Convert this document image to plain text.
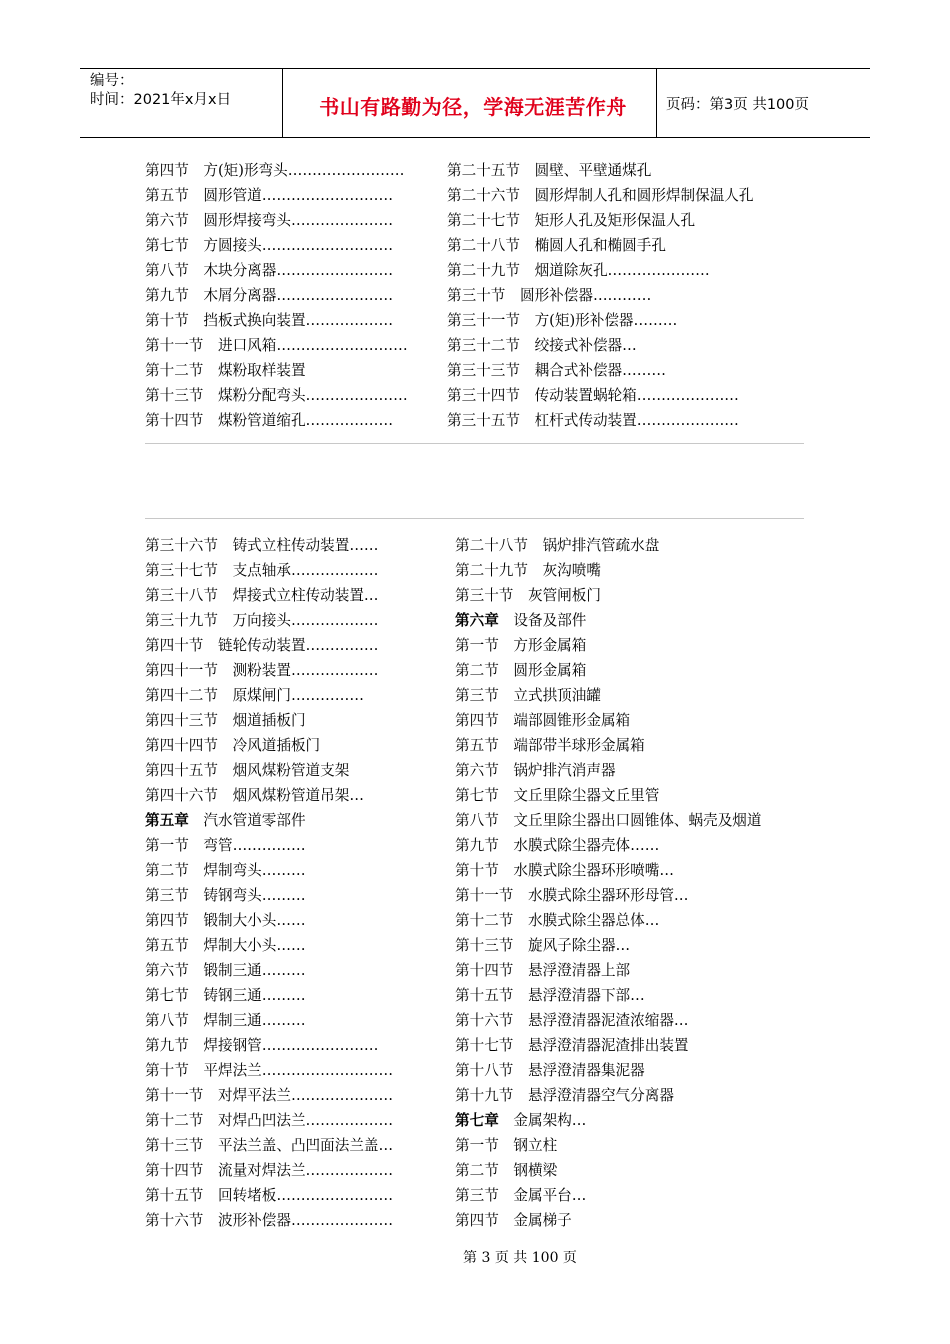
编号：
时间：2021年x月x日	书山有路勤为径，学海无涯苦作舟	页码：第3页 共100页
第四节　方(矩)形弯头……………………
第五节　圆形管道………………………
第六节　圆形焊接弯头…………………
第七节　方圆接头………………………
第八节　木块分离器……………………
第九节　木屑分离器……………………
第十节　挡板式换向装置………………
第十一节　进口风箱………………………
第十二节　煤粉取样装置
第十三节　煤粉分配弯头…………………
第十四节　煤粉管道缩孔………………
第二十五节　圆壁、平壁通煤孔
第二十六节　圆形焊制人孔和圆形焊制保温人孔
第二十七节　矩形人孔及矩形保温人孔
第二十八节　椭圆人孔和椭圆手孔
第二十九节　烟道除灰孔…………………
第三十节　圆形补偿器…………
第三十一节　方(矩)形补偿器………
第三十二节　绞接式补偿器…
第三十三节　耦合式补偿器………
第三十四节　传动装置蜗轮箱…………………
第三十五节　杠杆式传动装置…………………
第三十六节　铸式立柱传动装置……
第三十七节　支点轴承………………
第三十八节　焊接式立柱传动装置…
第三十九节　万向接头………………
第四十节　链轮传动装置……………
第四十一节　测粉装置………………
第四十二节　原煤闸门……………
第四十三节　烟道插板门
第四十四节　冷风道插板门
第四十五节　烟风煤粉管道支架
第四十六节　烟风煤粉管道吊架…
第五章　 汽水管道零部件
第一节　弯管……………
第二节　焊制弯头………
第三节　铸钢弯头………
第四节　锻制大小头……
第五节　焊制大小头……
第六节　锻制三通………
第七节　铸钢三通………
第八节　焊制三通………
第九节　焊接钢管……………………
第十节　平焊法兰………………………
第十一节　对焊平法兰…………………
第十二节　对焊凸凹法兰………………
第十三节　平法兰盖、凸凹面法兰盖…
第十四节　流量对焊法兰………………
第十五节　回转堵板……………………
第十六节　波形补偿器…………………
第二十八节　锅炉排汽管疏水盘
第二十九节　灰沟喷嘴
第三十节　灰管闸板门
第六章　 设备及部件
第一节　方形金属箱
第二节　圆形金属箱
第三节　立式拱顶油罐
第四节　端部圆锥形金属箱
第五节　端部带半球形金属箱
第六节　锅炉排汽消声器
第七节　文丘里除尘器文丘里管
第八节　文丘里除尘器出口圆锥体、蜗壳及烟道
第九节　水膜式除尘器壳体……
第十节　水膜式除尘器环形喷嘴…
第十一节　水膜式除尘器环形母管…
第十二节　水膜式除尘器总体…
第十三节　旋风子除尘器…
第十四节　悬浮澄清器上部
第十五节　悬浮澄清器下部…
第十六节　悬浮澄清器泥渣浓缩器…
第十七节　悬浮澄清器泥渣排出装置
第十八节　悬浮澄清器集泥器
第十九节　悬浮澄清器空气分离器
第七章　 金属架构…
第一节　钢立柱
第二节　钢横梁
第三节　金属平台…
第四节　金属梯子
第 3 页 共 100 页
